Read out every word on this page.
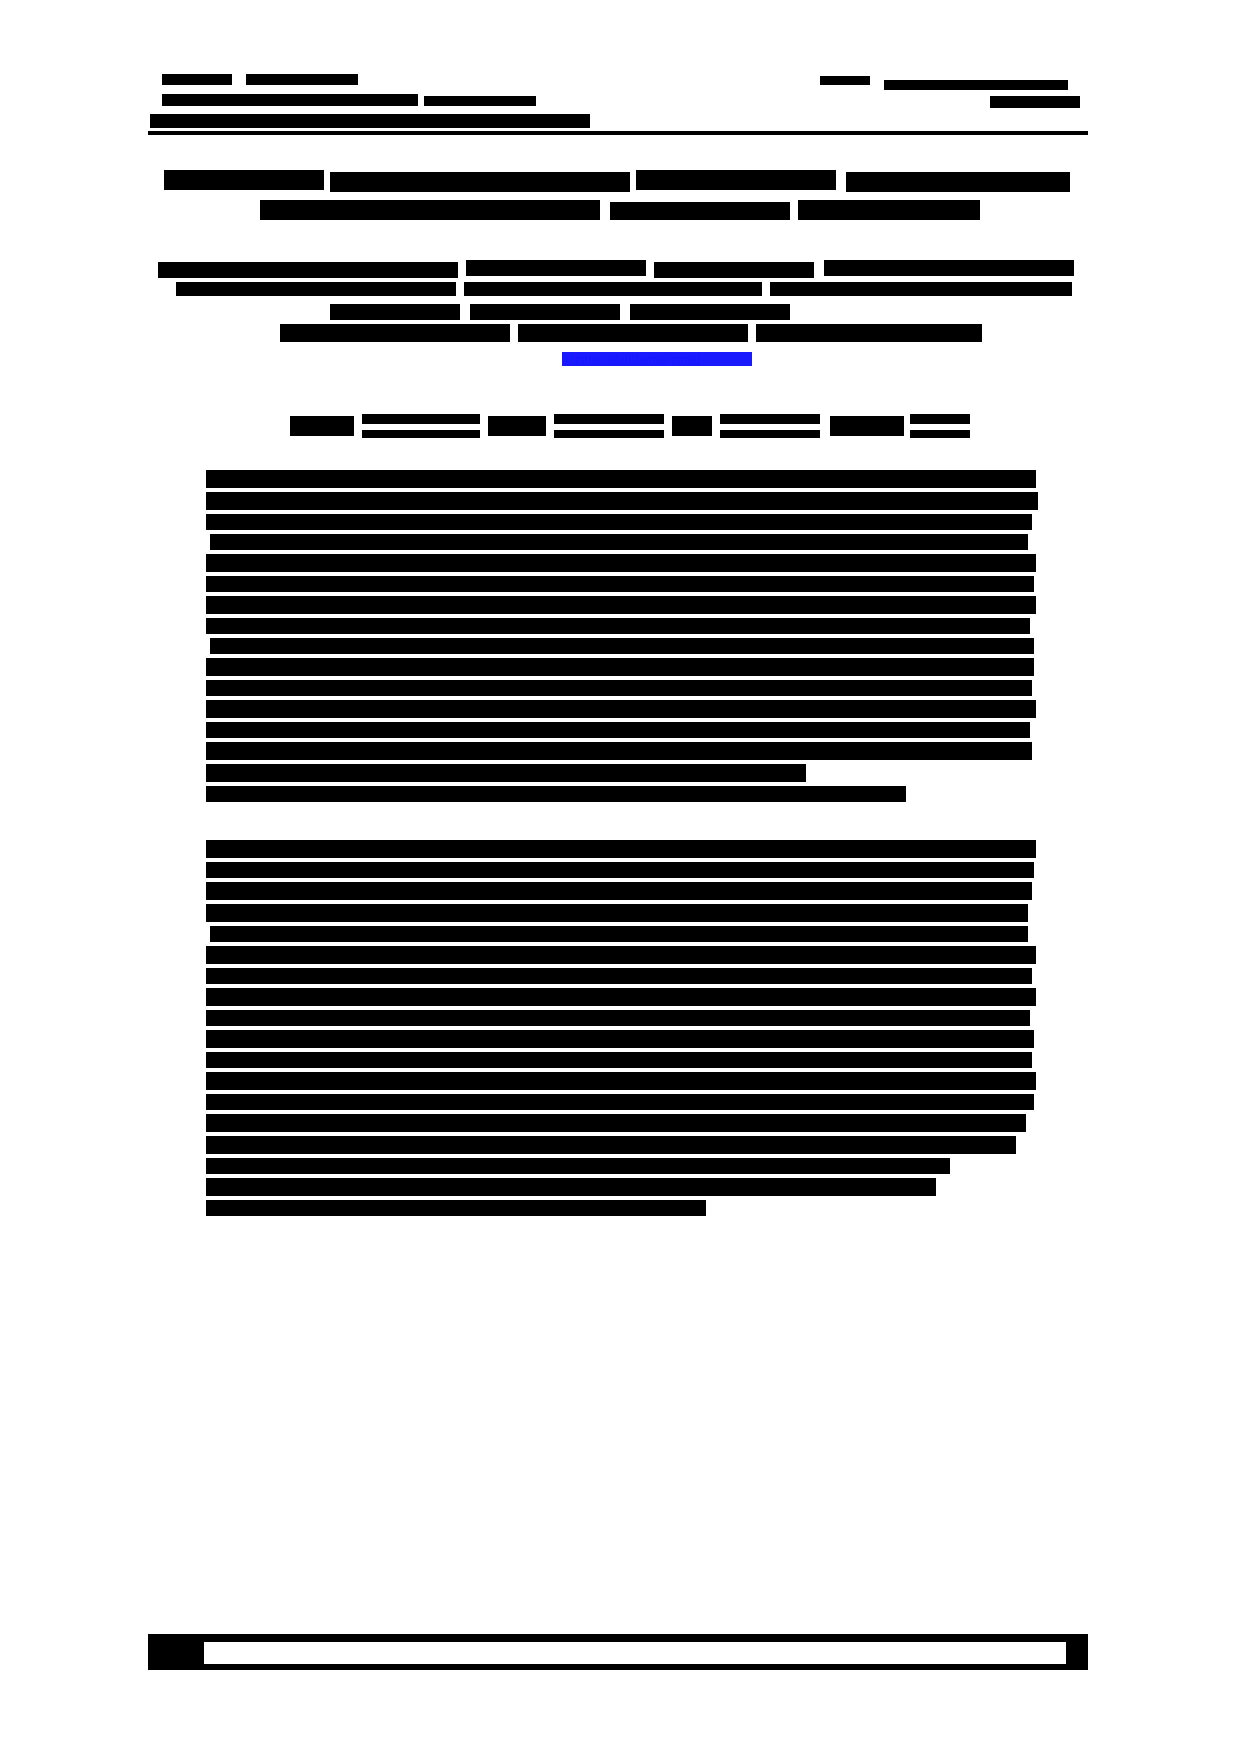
hurstmontbullhorn@gmail
